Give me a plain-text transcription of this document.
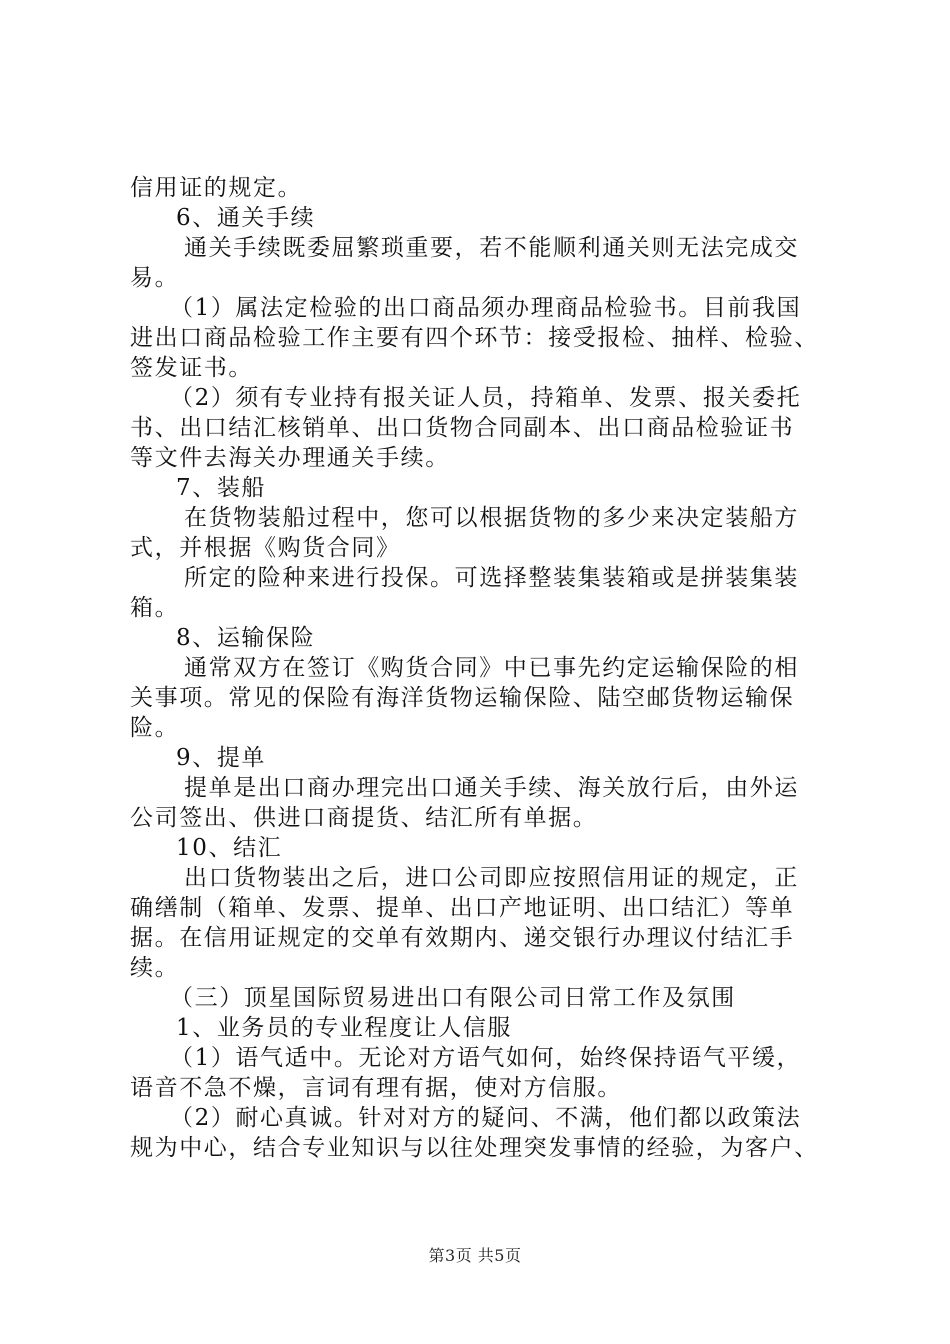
信用证的规定。
6、通关手续
通关手续既委屈繁琐重要，若不能顺利通关则无法完成交
易。
（1）属法定检验的出口商品须办理商品检验书。目前我国
进出口商品检验工作主要有四个环节：接受报检、抽样、检验、
签发证书。
（2）须有专业持有报关证人员，持箱单、发票、报关委托
书、出口结汇核销单、出口货物合同副本、出口商品检验证书
等文件去海关办理通关手续。
7、装船
在货物装船过程中，您可以根据货物的多少来决定装船方
式，并根据《购货合同》
所定的险种来进行投保。可选择整装集装箱或是拼装集装
箱。
8、运输保险
通常双方在签订《购货合同》中已事先约定运输保险的相
关事项。常见的保险有海洋货物运输保险、陆空邮货物运输保
险。
9、提单
提单是出口商办理完出口通关手续、海关放行后，由外运
公司签出、供进口商提货、结汇所有单据。
10、结汇
出口货物装出之后，进口公司即应按照信用证的规定，正
确缮制（箱单、发票、提单、出口产地证明、出口结汇）等单
据。在信用证规定的交单有效期内、递交银行办理议付结汇手
续。
（三）顶星国际贸易进出口有限公司日常工作及氛围
1、业务员的专业程度让人信服
（1）语气适中。无论对方语气如何，始终保持语气平缓，
语音不急不燥，言词有理有据，使对方信服。
（2）耐心真诚。针对对方的疑问、不满，他们都以政策法
规为中心，结合专业知识与以往处理突发事情的经验，为客户、
第3页 共5页
